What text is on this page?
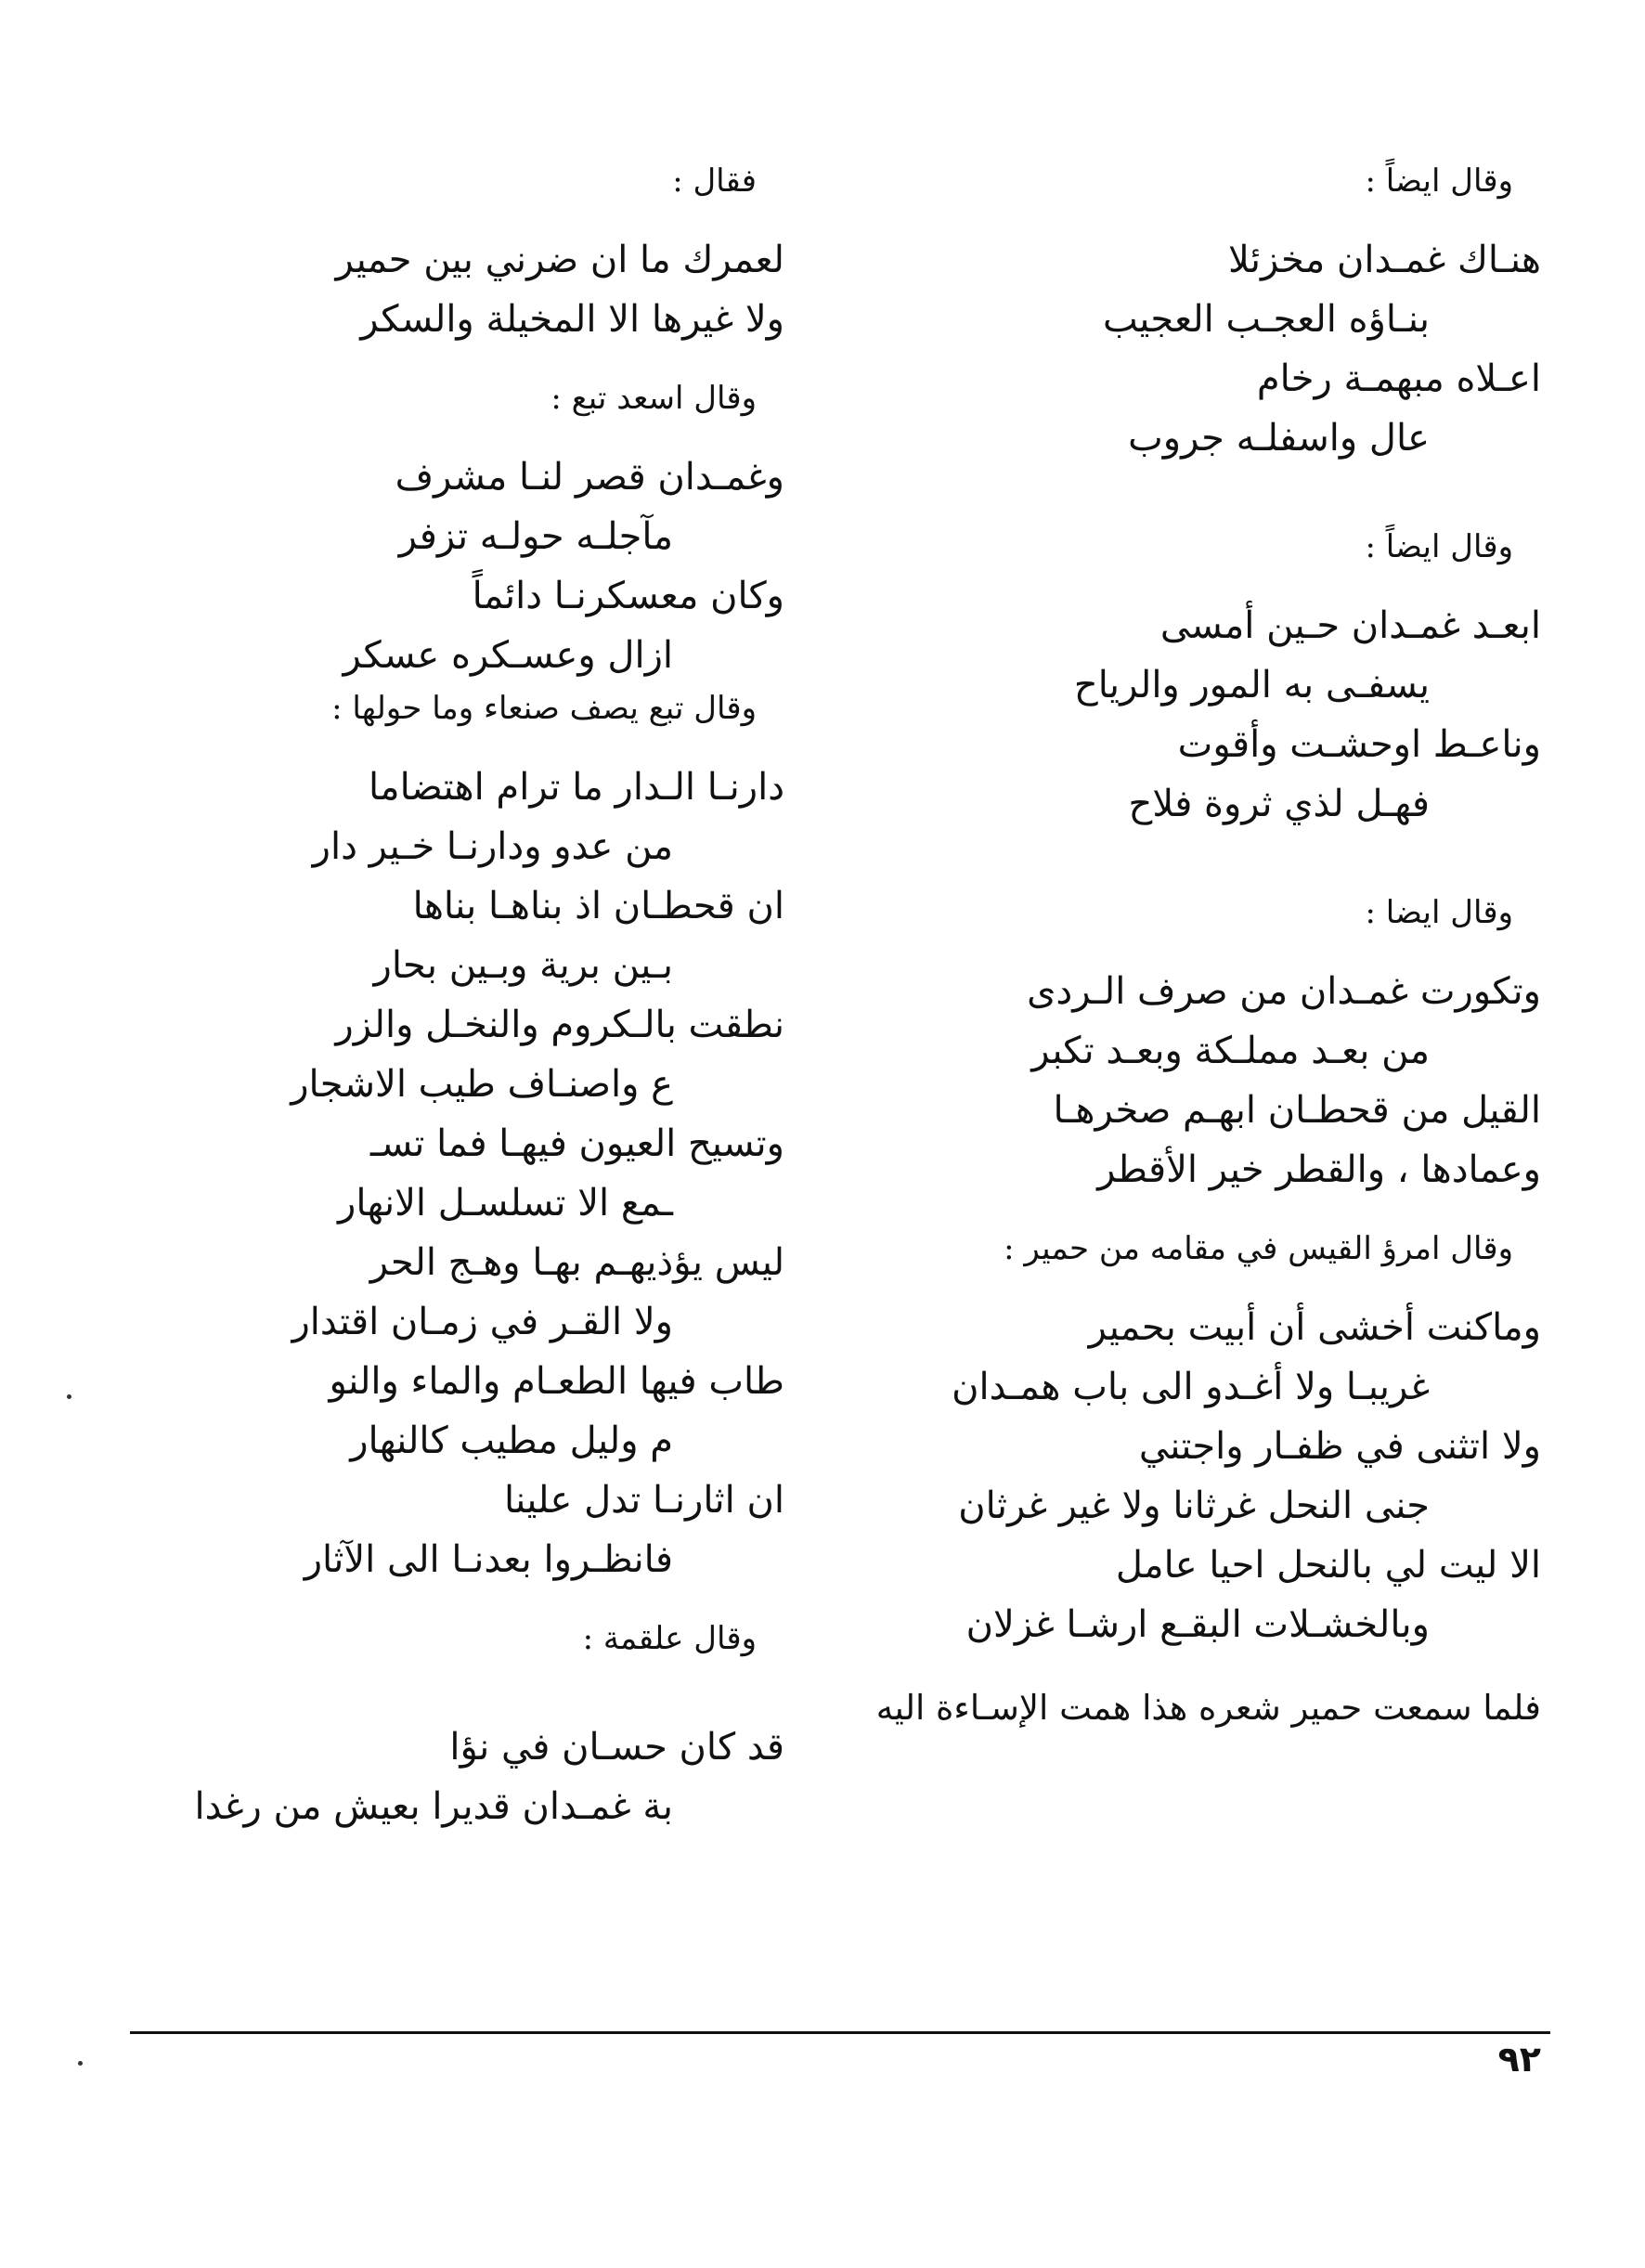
وقال ايضاً :

هنـاك غمـدان مخزئلا

بنـاؤه العجـب العجيب

اعـلاه مبهمـة رخام

عال واسفلـه جروب

وقال ايضاً :

ابعـد غمـدان حـين أمسى

يسفـى به المور والرياح

وناعـط اوحشـت وأقوت

فهـل لذي ثروة فلاح

وقال ايضا :

وتكورت غمـدان من صرف الـردى

من بعـد مملـكة وبعـد تكبر

القيل من قحطـان ابهـم صخرهـا

وعمادها ، والقطر خير الأقطر

وقال امرؤ القيس في مقامه من حمير :

وماكنت أخشى أن أبيت بحمير

غريبـا ولا أغـدو الى باب همـدان

ولا اتثنى في ظفـار واجتني

جنى النحل غرثانا ولا غير غرثان

الا ليت لي بالنحل احيا عامل

وبالخشـلات البقـع ارشـا غزلان

فلما سمعت حمير شعره هذا همت الإسـاءة اليه

فقال :

لعمرك ما ان ضرني بين حمير

ولا غيرها الا المخيلة والسكر

وقال اسعد تبع :

وغمـدان قصر لنـا مشرف

مآجلـه حولـه تزفر

وكان معسكرنـا دائماً

ازال وعسـكره عسكر

وقال تبع يصف صنعاء وما حولها :

دارنـا الـدار ما ترام اهتضاما

من عدو ودارنـا خـير دار

ان قحطـان اذ بناهـا بناها

بـين برية وبـين بحار

نطقت بالـكروم والنخـل والزر

ع واصنـاف طيب الاشجار

وتسيح العيون فيهـا فما تسـ

ـمع الا تسلسـل الانهار

ليس يؤذيهـم بهـا وهـج الحر

ولا القـر في زمـان اقتدار

طاب فيها الطعـام والماء والنو

م وليل مطيب كالنهار

ان اثارنـا تدل علينا

فانظـروا بعدنـا الى الآثار

وقال علقمة :

قد كان حسـان في نؤا

بة غمـدان قديرا بعيش من رغدا

٩٢
